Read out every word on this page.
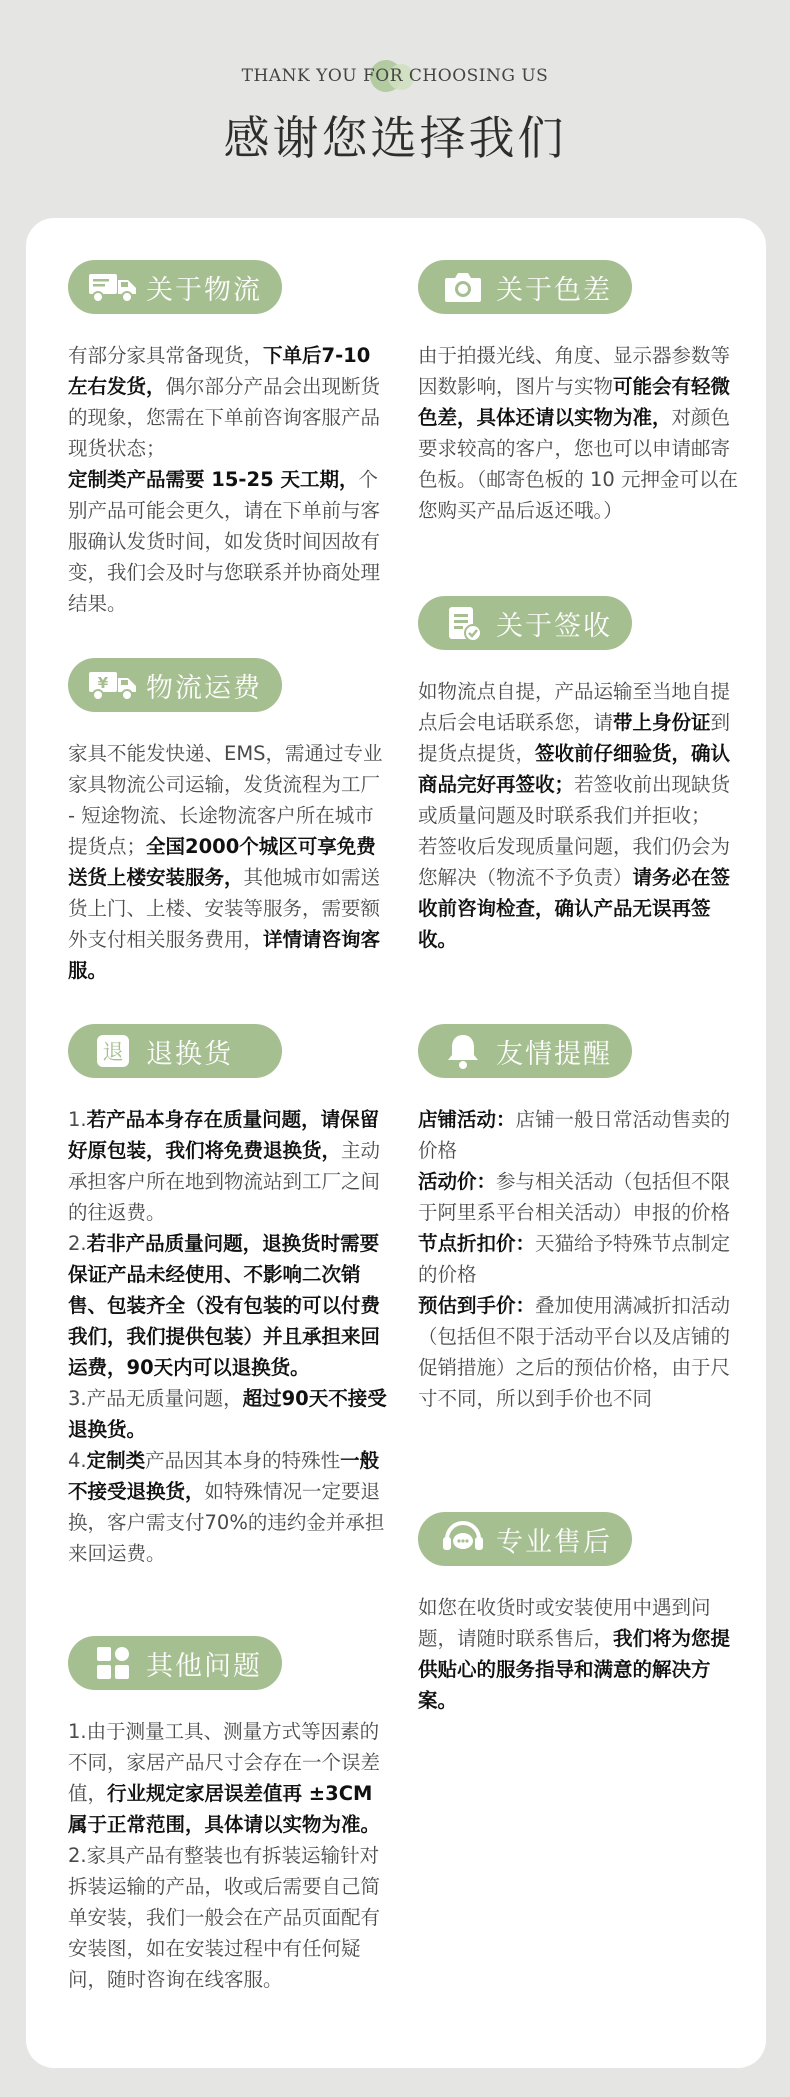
THANK YOU FOR CHOOSING US
感谢您选择我们
关于物流

有部分家具常备现货，下单后7-10 左右发货，偶尔部分产品会出现断货的现象，您需在下单前咨询客服产品现货状态；

定制类产品需要 15-25 天工期，个别产品可能会更久，请在下单前与客服确认发货时间，如发货时间因故有变，我们会及时与您联系并协商处理结果。

¥ 物流运费

家具不能发快递、EMS，需通过专业家具物流公司运输，发货流程为工厂 - 短途物流、长途物流客户所在城市提货点；全国2000个城区可享免费送货上楼安装服务，其他城市如需送货上门、上楼、安装等服务，需要额外支付相关服务费用，详情请咨询客服。

退 退换货

1.若产品本身存在质量问题，请保留好原包装，我们将免费退换货，主动承担客户所在地到物流站到工厂之间的往返费。

2.若非产品质量问题，退换货时需要保证产品未经使用、不影响二次销售、包装齐全（没有包装的可以付费我们，我们提供包装）并且承担来回运费，90天内可以退换货。

3.产品无质量问题，超过90天不接受退换货。

4.定制类产品因其本身的特殊性一般不接受退换货，如特殊情况一定要退换，客户需支付70%的违约金并承担来回运费。

其他问题

1.由于测量工具、测量方式等因素的不同，家居产品尺寸会存在一个误差值，行业规定家居误差值再 ±3CM 属于正常范围，具体请以实物为准。

2.家具产品有整装也有拆装运输针对拆装运输的产品，收或后需要自己简单安装，我们一般会在产品页面配有安装图，如在安装过程中有任何疑问，随时咨询在线客服。

关于色差

由于拍摄光线、角度、显示器参数等因数影响，图片与实物可能会有轻微色差，具体还请以实物为准，对颜色要求较高的客户，您也可以申请邮寄色板。（邮寄色板的 10 元押金可以在您购买产品后返还哦。）

关于签收

如物流点自提，产品运输至当地自提点后会电话联系您，请带上身份证到提货点提货，签收前仔细验货，确认商品完好再签收；若签收前出现缺货或质量问题及时联系我们并拒收；

若签收后发现质量问题，我们仍会为您解决（物流不予负责）请务必在签收前咨询检查，确认产品无误再签收。

友情提醒

店铺活动：店铺一般日常活动售卖的价格

活动价：参与相关活动（包括但不限于阿里系平台相关活动）申报的价格

节点折扣价：天猫给予特殊节点制定的价格

预估到手价：叠加使用满减折扣活动（包括但不限于活动平台以及店铺的促销措施）之后的预估价格，由于尺寸不同，所以到手价也不同

专业售后

如您在收货时或安装使用中遇到问题，请随时联系售后，我们将为您提供贴心的服务指导和满意的解决方案。
